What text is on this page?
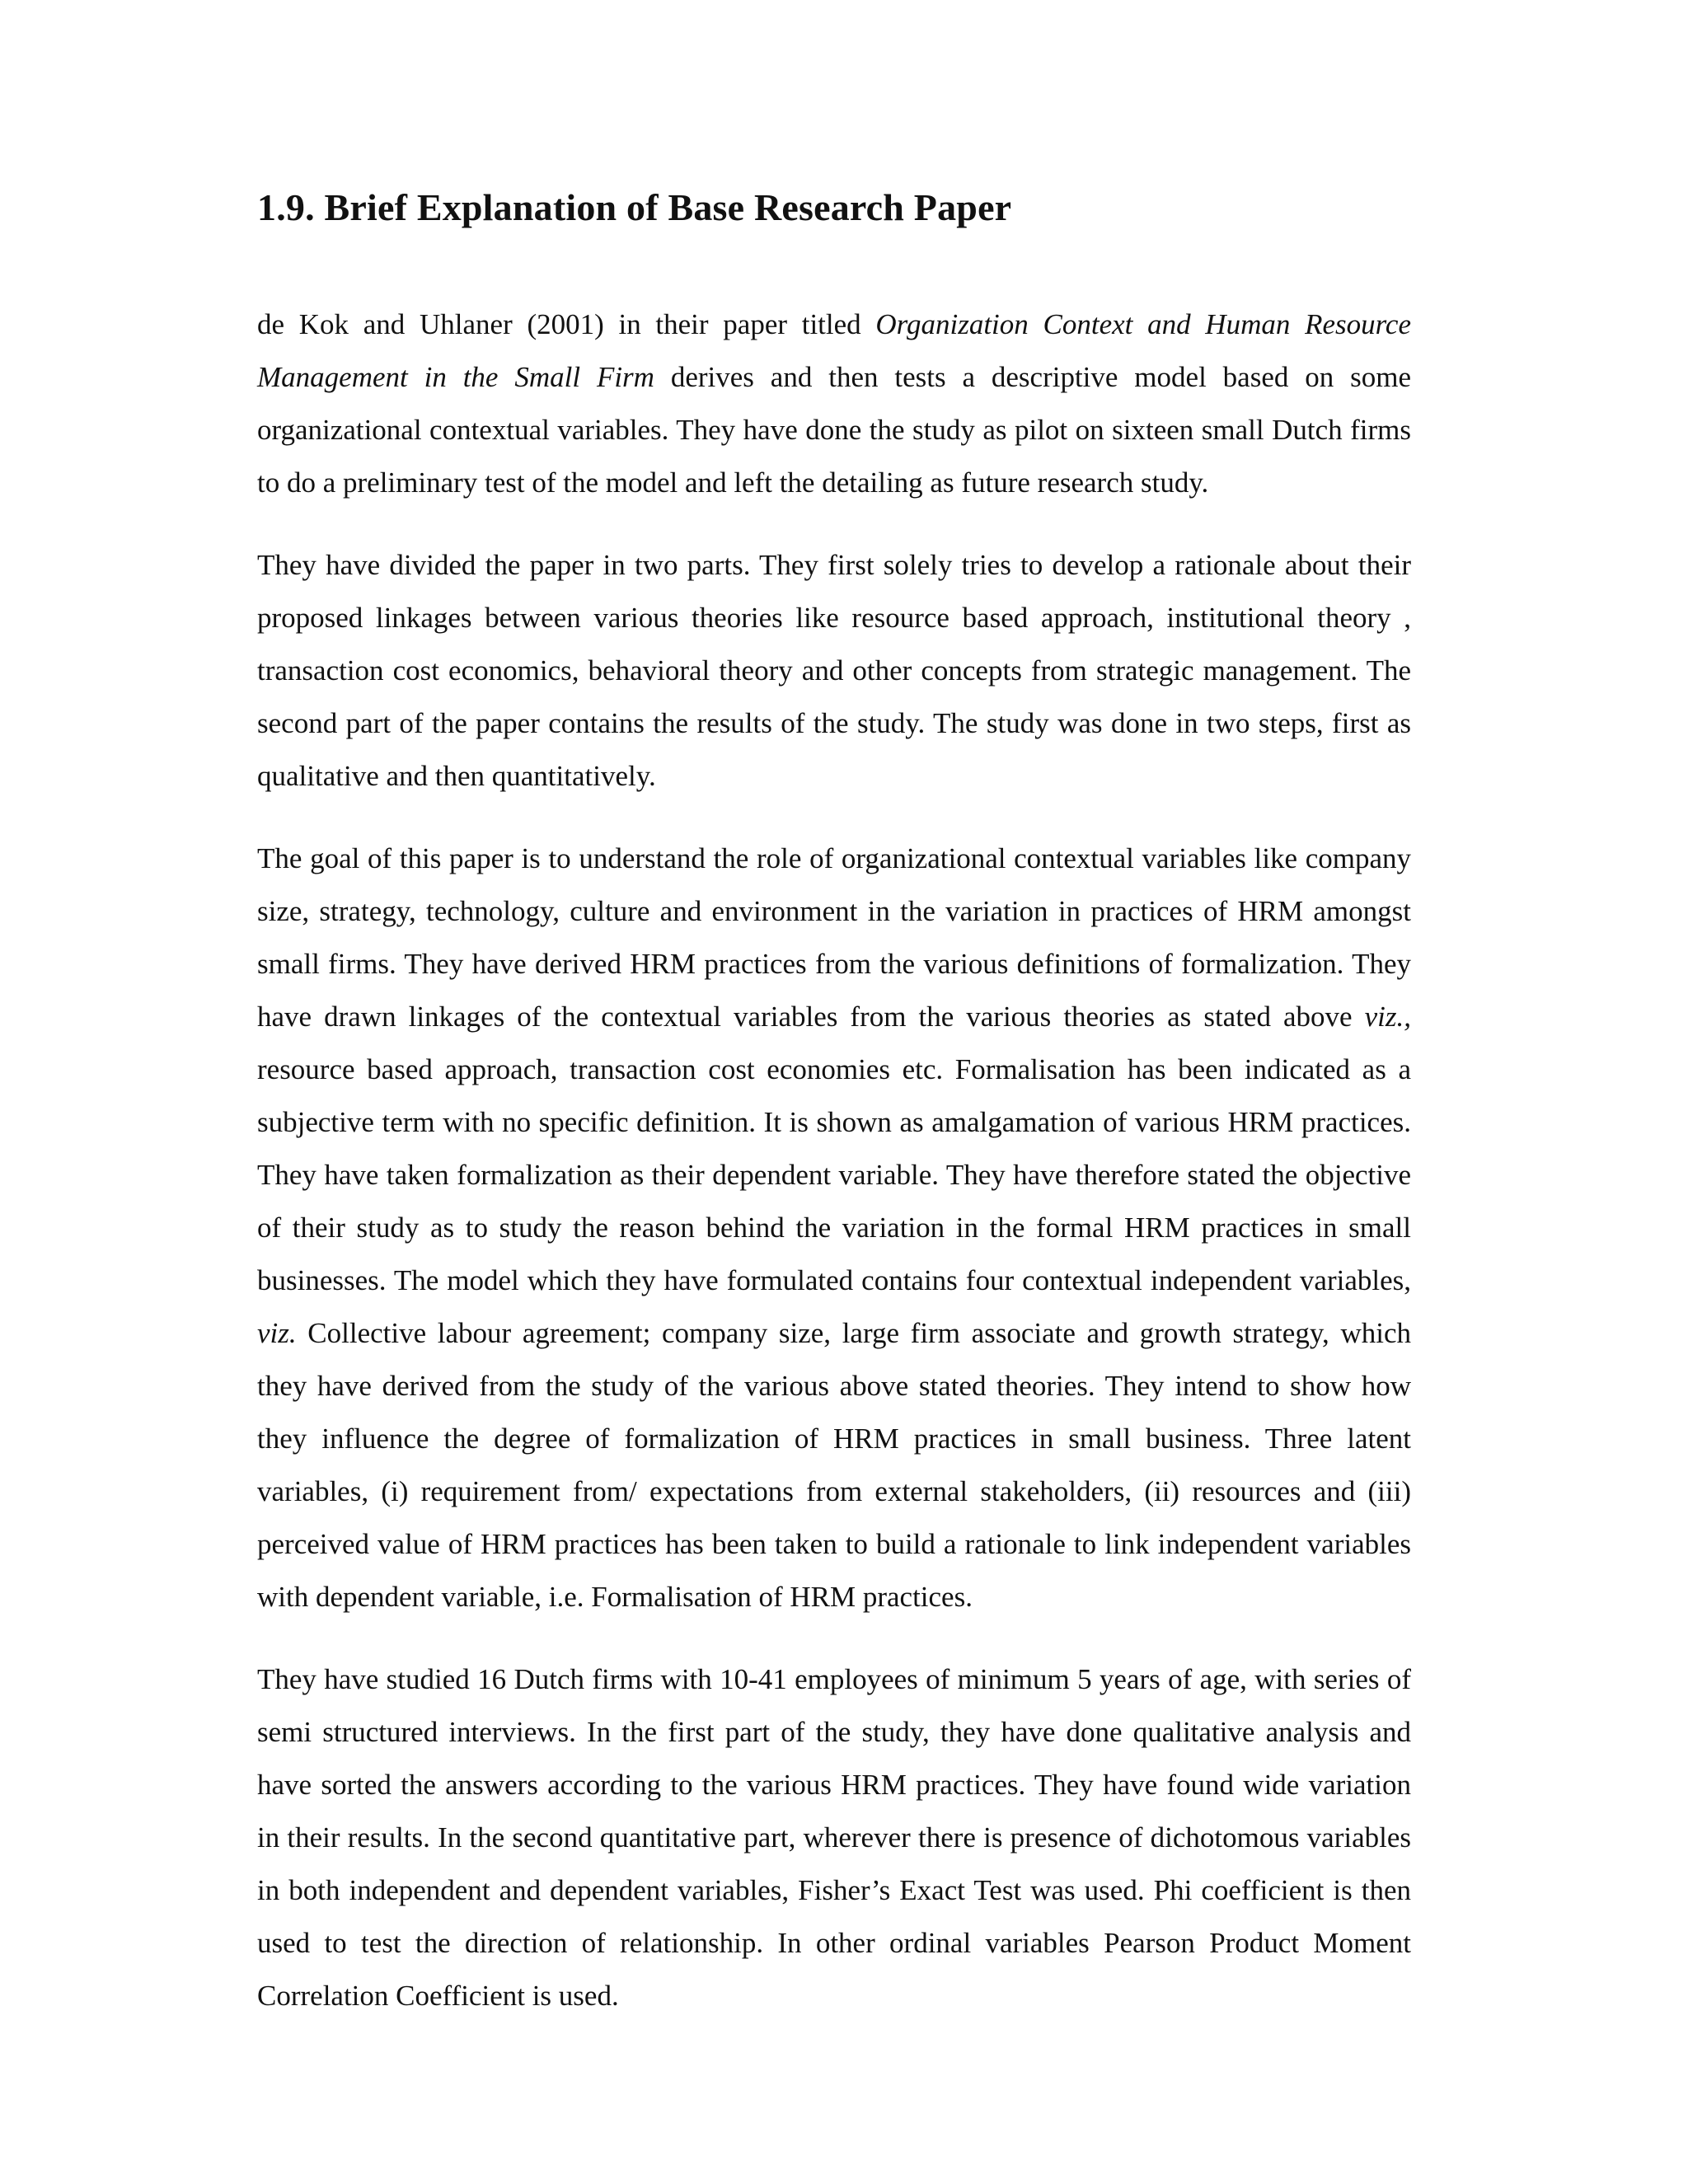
1.9. Brief Explanation of Base Research Paper

de Kok and Uhlaner (2001) in their paper titled Organization Context and Human Resource Management in the Small Firm derives and then tests a descriptive model based on some organizational contextual variables. They have done the study as pilot on sixteen small Dutch firms to do a preliminary test of the model and left the detailing as future research study.

They have divided the paper in two parts. They first solely tries to develop a rationale about their proposed linkages between various theories like resource based approach, institutional theory , transaction cost economics, behavioral theory and other concepts from strategic management. The second part of the paper contains the results of the study. The study was done in two steps, first as qualitative and then quantitatively.

The goal of this paper is to understand the role of organizational contextual variables like company size, strategy, technology, culture and environment in the variation in practices of HRM amongst small firms. They have derived HRM practices from the various definitions of formalization. They have drawn linkages of the contextual variables from the various theories as stated above viz., resource based approach, transaction cost economies etc. Formalisation has been indicated as a subjective term with no specific definition. It is shown as amalgamation of various HRM practices. They have taken formalization as their dependent variable. They have therefore stated the objective of their study as to study the reason behind the variation in the formal HRM practices in small businesses. The model which they have formulated contains four contextual independent variables, viz. Collective labour agreement; company size, large firm associate and growth strategy, which they have derived from the study of the various above stated theories. They intend to show how they influence the degree of formalization of HRM practices in small business. Three latent variables, (i) requirement from/ expectations from external stakeholders, (ii) resources and (iii) perceived value of HRM practices has been taken to build a rationale to link independent variables with dependent variable, i.e. Formalisation of HRM practices.

They have studied 16 Dutch firms with 10-41 employees of minimum 5 years of age, with series of semi structured interviews. In the first part of the study, they have done qualitative analysis and have sorted the answers according to the various HRM practices. They have found wide variation in their results. In the second quantitative part, wherever there is presence of dichotomous variables in both independent and dependent variables, Fisher’s Exact Test was used. Phi coefficient is then used to test the direction of relationship. In other ordinal variables Pearson Product Moment Correlation Coefficient is used.
